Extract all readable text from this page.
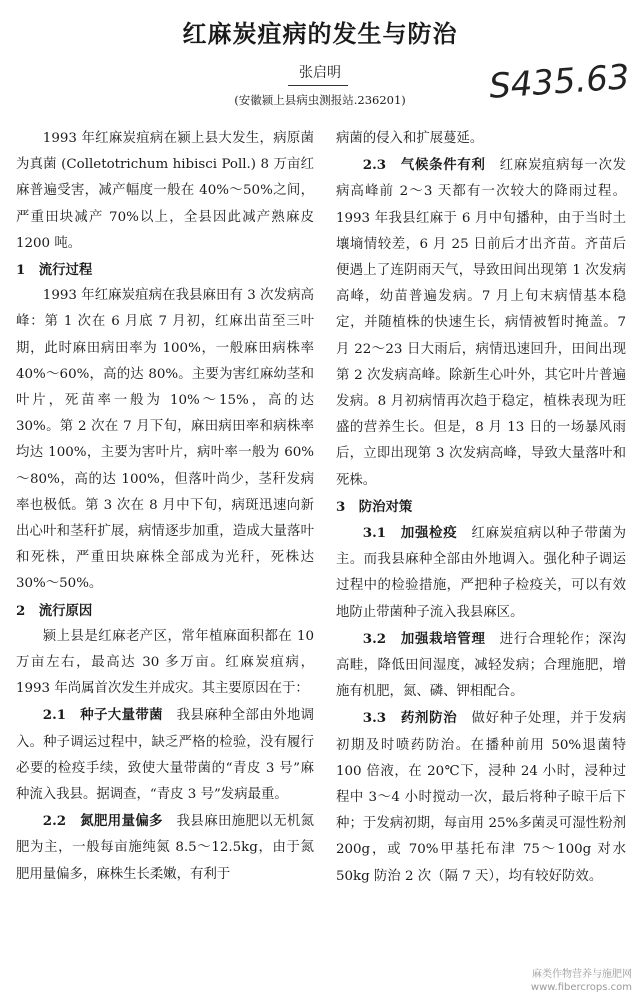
红麻炭疽病的发生与防治
张启明
(安徽颍上县病虫测报站.236201)	S435.63

1993 年红麻炭疽病在颍上县大发生，病原菌为真菌 (Colletotrichum hibisci Poll.) 8 万亩红麻普遍受害，减产幅度一般在 40%～50%之间，严重田块减产 70%以上，全县因此减产熟麻皮 1200 吨。

1　流行过程

1993 年红麻炭疽病在我县麻田有 3 次发病高峰：第 1 次在 6 月底 7 月初，红麻出苗至三叶期，此时麻田病田率为 100%，一般麻田病株率 40%～60%，高的达 80%。主要为害红麻幼茎和叶片，死苗率一般为 10%～15%，高的达 30%。第 2 次在 7 月下旬，麻田病田率和病株率均达 100%，主要为害叶片，病叶率一般为 60%～80%，高的达 100%，但落叶尚少，茎秆发病率也极低。第 3 次在 8 月中下旬，病斑迅速向新出心叶和茎秆扩展，病情逐步加重，造成大量落叶和死株，严重田块麻株全部成为光秆，死株达 30%～50%。

2　流行原因

颍上县是红麻老产区，常年植麻面积都在 10 万亩左右，最高达 30 多万亩。红麻炭疽病，1993 年尚属首次发生并成灾。其主要原因在于：

2.1　种子大量带菌　我县麻种全部由外地调入。种子调运过程中，缺乏严格的检验，没有履行必要的检疫手续，致使大量带菌的“青皮 3 号”麻种流入我县。据调查，“青皮 3 号”发病最重。

2.2　氮肥用量偏多　我县麻田施肥以无机氮肥为主，一般每亩施纯氮 8.5～12.5kg，由于氮肥用量偏多，麻株生长柔嫩，有利于

病菌的侵入和扩展蔓延。

2.3　气候条件有利　红麻炭疽病每一次发病高峰前 2～3 天都有一次较大的降雨过程。1993 年我县红麻于 6 月中旬播种，由于当时土壤墒情较差，6 月 25 日前后才出齐苗。齐苗后便遇上了连阴雨天气，导致田间出现第 1 次发病高峰，幼苗普遍发病。7 月上旬末病情基本稳定，并随植株的快速生长，病情被暂时掩盖。7 月 22～23 日大雨后，病情迅速回升，田间出现第 2 次发病高峰。除新生心叶外，其它叶片普遍发病。8 月初病情再次趋于稳定，植株表现为旺盛的营养生长。但是，8 月 13 日的一场暴风雨后，立即出现第 3 次发病高峰，导致大量落叶和死株。

3　防治对策

3.1　加强检疫　红麻炭疽病以种子带菌为主。而我县麻种全部由外地调入。强化种子调运过程中的检验措施，严把种子检疫关，可以有效地防止带菌种子流入我县麻区。

3.2　加强栽培管理　进行合理轮作；深沟高畦，降低田间湿度，减轻发病；合理施肥，增施有机肥，氮、磷、钾相配合。

3.3　药剂防治　做好种子处理，并于发病初期及时喷药防治。在播种前用 50%退菌特 100 倍液，在 20℃下，浸种 24 小时，浸种过程中 3～4 小时搅动一次，最后将种子晾干后下种；于发病初期，每亩用 25%多菌灵可湿性粉剂 200g，或 70%甲基托布津 75～100g 对水 50kg 防治 2 次（隔 7 天），均有较好防效。

麻类作物营养与施肥网
www.fibercrops.com
